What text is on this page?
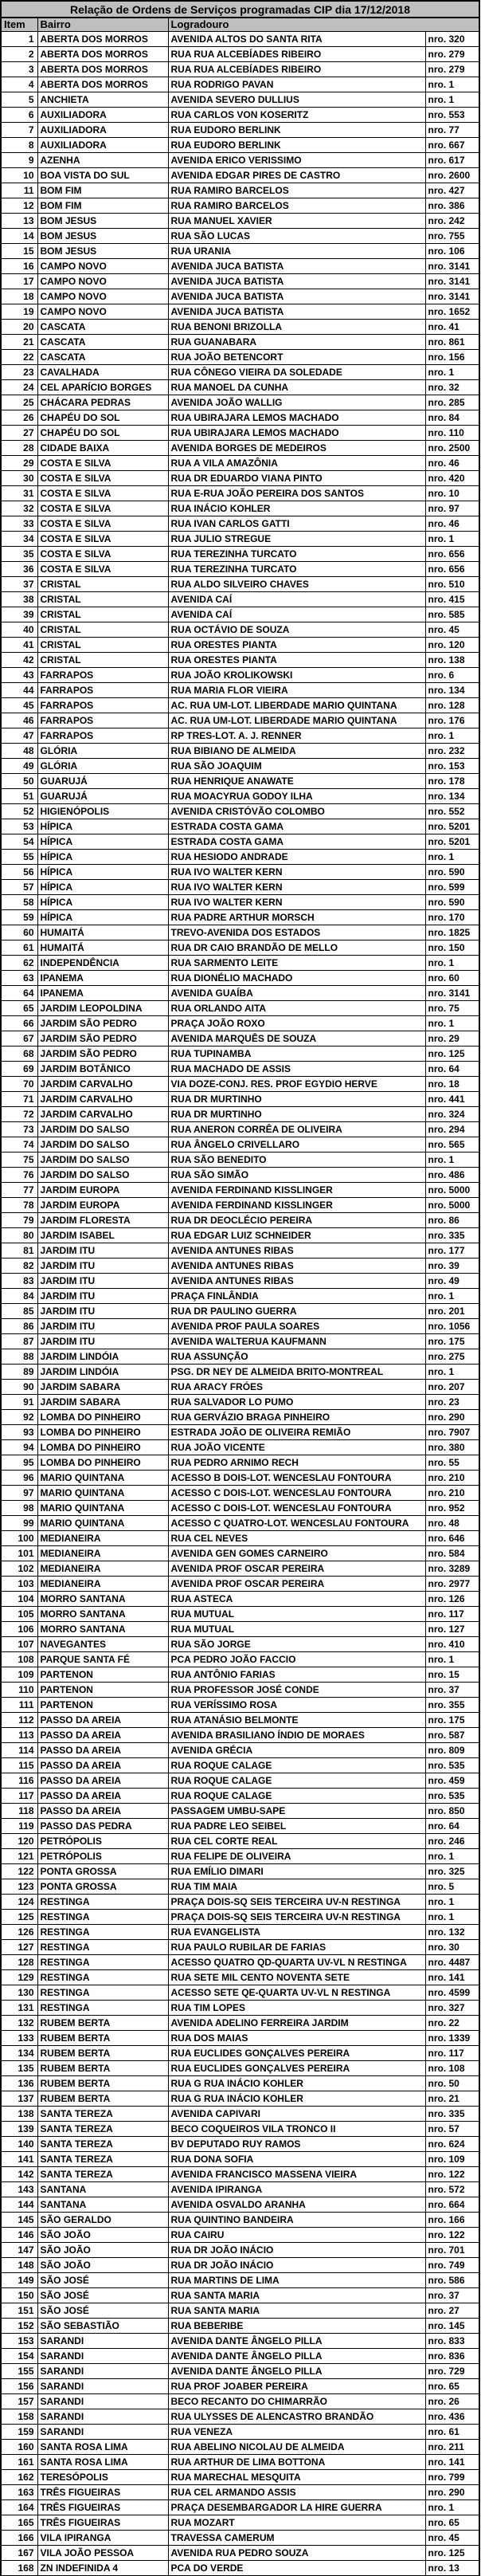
Relação de Ordens de Serviços programadas CIP dia 17/12/2018			
Item	Bairro	Logradouro	
1	ABERTA DOS MORROS	AVENIDA ALTOS DO SANTA RITA	nro. 320
2	ABERTA DOS MORROS	RUA RUA ALCEBÍADES RIBEIRO	nro. 279
3	ABERTA DOS MORROS	RUA RUA ALCEBÍADES RIBEIRO	nro. 279
4	ABERTA DOS MORROS	RUA RODRIGO PAVAN	nro. 1
5	ANCHIETA	AVENIDA SEVERO DULLIUS	nro. 1
6	AUXILIADORA	RUA CARLOS VON KOSERITZ	nro. 553
7	AUXILIADORA	RUA EUDORO BERLINK	nro. 77
8	AUXILIADORA	RUA EUDORO BERLINK	nro. 667
9	AZENHA	AVENIDA ERICO VERISSIMO	nro. 617
10	BOA VISTA DO SUL	AVENIDA EDGAR PIRES DE CASTRO	nro. 2600
11	BOM FIM	RUA RAMIRO BARCELOS	nro. 427
12	BOM FIM	RUA RAMIRO BARCELOS	nro. 386
13	BOM JESUS	RUA MANUEL XAVIER	nro. 242
14	BOM JESUS	RUA SÃO LUCAS	nro. 755
15	BOM JESUS	RUA URANIA	nro. 106
16	CAMPO NOVO	AVENIDA JUCA BATISTA	nro. 3141
17	CAMPO NOVO	AVENIDA JUCA BATISTA	nro. 3141
18	CAMPO NOVO	AVENIDA JUCA BATISTA	nro. 3141
19	CAMPO NOVO	AVENIDA JUCA BATISTA	nro. 1652
20	CASCATA	RUA BENONI BRIZOLLA	nro. 41
21	CASCATA	RUA GUANABARA	nro. 861
22	CASCATA	RUA JOÃO BETENCORT	nro. 156
23	CAVALHADA	RUA CÔNEGO VIEIRA DA SOLEDADE	nro. 1
24	CEL APARÍCIO BORGES	RUA MANOEL DA CUNHA	nro. 32
25	CHÁCARA PEDRAS	AVENIDA JOÃO WALLIG	nro. 285
26	CHAPÉU DO SOL	RUA UBIRAJARA LEMOS MACHADO	nro. 84
27	CHAPÉU DO SOL	RUA UBIRAJARA LEMOS MACHADO	nro. 110
28	CIDADE BAIXA	AVENIDA BORGES DE MEDEIROS	nro. 2500
29	COSTA E SILVA	RUA A VILA AMAZÔNIA	nro. 46
30	COSTA E SILVA	RUA DR EDUARDO VIANA PINTO	nro. 420
31	COSTA E SILVA	RUA E-RUA JOÃO PEREIRA DOS SANTOS	nro. 10
32	COSTA E SILVA	RUA INÁCIO KOHLER	nro. 97
33	COSTA E SILVA	RUA IVAN CARLOS GATTI	nro. 46
34	COSTA E SILVA	RUA JULIO STREGUE	nro. 1
35	COSTA E SILVA	RUA TEREZINHA TURCATO	nro. 656
36	COSTA E SILVA	RUA TEREZINHA TURCATO	nro. 656
37	CRISTAL	RUA ALDO SILVEIRO CHAVES	nro. 510
38	CRISTAL	AVENIDA CAÍ	nro. 415
39	CRISTAL	AVENIDA CAÍ	nro. 585
40	CRISTAL	RUA OCTÁVIO DE SOUZA	nro. 45
41	CRISTAL	RUA ORESTES PIANTA	nro. 120
42	CRISTAL	RUA ORESTES PIANTA	nro. 138
43	FARRAPOS	RUA JOÃO KROLIKOWSKI	nro. 6
44	FARRAPOS	RUA MARIA FLOR VIEIRA	nro. 134
45	FARRAPOS	AC. RUA UM-LOT. LIBERDADE MARIO QUINTANA	nro. 128
46	FARRAPOS	AC. RUA UM-LOT. LIBERDADE MARIO QUINTANA	nro. 176
47	FARRAPOS	RP TRES-LOT. A. J. RENNER	nro. 1
48	GLÓRIA	RUA BIBIANO DE ALMEIDA	nro. 232
49	GLÓRIA	RUA SÃO JOAQUIM	nro. 153
50	GUARUJÁ	RUA HENRIQUE ANAWATE	nro. 178
51	GUARUJÁ	RUA MOACYRUA GODOY ILHA	nro. 134
52	HIGIENÓPOLIS	AVENIDA CRISTÓVÃO COLOMBO	nro. 552
53	HÍPICA	ESTRADA COSTA GAMA	nro. 5201
54	HÍPICA	ESTRADA COSTA GAMA	nro. 5201
55	HÍPICA	RUA HESIODO ANDRADE	nro. 1
56	HÍPICA	RUA IVO WALTER KERN	nro. 590
57	HÍPICA	RUA IVO WALTER KERN	nro. 599
58	HÍPICA	RUA IVO WALTER KERN	nro. 590
59	HÍPICA	RUA PADRE ARTHUR MORSCH	nro. 170
60	HUMAITÁ	TREVO-AVENIDA DOS ESTADOS	nro. 1825
61	HUMAITÁ	RUA DR CAIO BRANDÃO DE MELLO	nro. 150
62	INDEPENDÊNCIA	RUA SARMENTO LEITE	nro. 1
63	IPANEMA	RUA DIONÉLIO MACHADO	nro. 60
64	IPANEMA	AVENIDA GUAÍBA	nro. 3141
65	JARDIM LEOPOLDINA	RUA ORLANDO AITA	nro. 75
66	JARDIM SÃO PEDRO	PRAÇA JOÃO ROXO	nro. 1
67	JARDIM SÃO PEDRO	AVENIDA MARQUÊS DE SOUZA	nro. 29
68	JARDIM SÃO PEDRO	RUA TUPINAMBA	nro. 125
69	JARDIM BOTÂNICO	RUA MACHADO DE ASSIS	nro. 64
70	JARDIM CARVALHO	VIA DOZE-CONJ. RES. PROF EGYDIO HERVE	nro. 18
71	JARDIM CARVALHO	RUA DR MURTINHO	nro. 441
72	JARDIM CARVALHO	RUA DR MURTINHO	nro. 324
73	JARDIM DO SALSO	RUA ANERON CORRÊA DE OLIVEIRA	nro. 294
74	JARDIM DO SALSO	RUA ÂNGELO CRIVELLARO	nro. 565
75	JARDIM DO SALSO	RUA SÃO BENEDITO	nro. 1
76	JARDIM DO SALSO	RUA SÃO SIMÃO	nro. 486
77	JARDIM EUROPA	AVENIDA FERDINAND KISSLINGER	nro. 5000
78	JARDIM EUROPA	AVENIDA FERDINAND KISSLINGER	nro. 5000
79	JARDIM FLORESTA	RUA DR DEOCLÉCIO PEREIRA	nro. 86
80	JARDIM ISABEL	RUA EDGAR LUIZ SCHNEIDER	nro. 335
81	JARDIM ITU	AVENIDA ANTUNES RIBAS	nro. 177
82	JARDIM ITU	AVENIDA ANTUNES RIBAS	nro. 39
83	JARDIM ITU	AVENIDA ANTUNES RIBAS	nro. 49
84	JARDIM ITU	PRAÇA FINLÂNDIA	nro. 1
85	JARDIM ITU	RUA DR PAULINO GUERRA	nro. 201
86	JARDIM ITU	AVENIDA PROF PAULA SOARES	nro. 1056
87	JARDIM ITU	AVENIDA WALTERUA KAUFMANN	nro. 175
88	JARDIM LINDÓIA	RUA ASSUNÇÃO	nro. 275
89	JARDIM LINDÓIA	PSG. DR NEY DE ALMEIDA BRITO-MONTREAL	nro. 1
90	JARDIM SABARA	RUA ARACY FRÓES	nro. 207
91	JARDIM SABARA	RUA SALVADOR LO PUMO	nro. 23
92	LOMBA DO PINHEIRO	RUA GERVÁZIO BRAGA PINHEIRO	nro. 290
93	LOMBA DO PINHEIRO	ESTRADA JOÃO DE OLIVEIRA REMIÃO	nro. 7907
94	LOMBA DO PINHEIRO	RUA JOÃO VICENTE	nro. 380
95	LOMBA DO PINHEIRO	RUA PEDRO ARNIMO RECH	nro. 55
96	MARIO QUINTANA	ACESSO B DOIS-LOT. WENCESLAU FONTOURA	nro. 210
97	MARIO QUINTANA	ACESSO C DOIS-LOT. WENCESLAU FONTOURA	nro. 210
98	MARIO QUINTANA	ACESSO C DOIS-LOT. WENCESLAU FONTOURA	nro. 952
99	MARIO QUINTANA	ACESSO C QUATRO-LOT. WENCESLAU FONTOURA	nro. 48
100	MEDIANEIRA	RUA CEL NEVES	nro. 646
101	MEDIANEIRA	AVENIDA GEN GOMES CARNEIRO	nro. 584
102	MEDIANEIRA	AVENIDA PROF OSCAR PEREIRA	nro. 3289
103	MEDIANEIRA	AVENIDA PROF OSCAR PEREIRA	nro. 2977
104	MORRO SANTANA	RUA ASTECA	nro. 126
105	MORRO SANTANA	RUA MUTUAL	nro. 117
106	MORRO SANTANA	RUA MUTUAL	nro. 127
107	NAVEGANTES	RUA SÃO JORGE	nro. 410
108	PARQUE SANTA FÉ	PCA PEDRO JOÃO FACCIO	nro. 1
109	PARTENON	RUA ANTÔNIO FARIAS	nro. 15
110	PARTENON	RUA PROFESSOR JOSÉ CONDE	nro. 37
111	PARTENON	RUA VERÍSSIMO ROSA	nro. 355
112	PASSO DA AREIA	RUA ATANÁSIO BELMONTE	nro. 175
113	PASSO DA AREIA	AVENIDA BRASILIANO ÍNDIO DE MORAES	nro. 587
114	PASSO DA AREIA	AVENIDA GRÉCIA	nro. 809
115	PASSO DA AREIA	RUA ROQUE CALAGE	nro. 535
116	PASSO DA AREIA	RUA ROQUE CALAGE	nro. 459
117	PASSO DA AREIA	RUA ROQUE CALAGE	nro. 535
118	PASSO DA AREIA	PASSAGEM UMBU-SAPE	nro. 850
119	PASSO DAS PEDRA	RUA PADRE LEO SEIBEL	nro. 64
120	PETRÓPOLIS	RUA CEL CORTE REAL	nro. 246
121	PETRÓPOLIS	RUA FELIPE DE OLIVEIRA	nro. 1
122	PONTA GROSSA	RUA EMÍLIO DIMARI	nro. 325
123	PONTA GROSSA	RUA TIM MAIA	nro. 5
124	RESTINGA	PRAÇA DOIS-SQ SEIS TERCEIRA UV-N RESTINGA	nro. 1
125	RESTINGA	PRAÇA DOIS-SQ SEIS TERCEIRA UV-N RESTINGA	nro. 1
126	RESTINGA	RUA EVANGELISTA	nro. 132
127	RESTINGA	RUA PAULO RUBILAR DE FARIAS	nro. 30
128	RESTINGA	ACESSO QUATRO QD-QUARTA UV-VL N RESTINGA	nro. 4487
129	RESTINGA	RUA SETE MIL CENTO NOVENTA SETE	nro. 141
130	RESTINGA	ACESSO SETE QE-QUARTA UV-VL N RESTINGA	nro. 4599
131	RESTINGA	RUA TIM LOPES	nro. 327
132	RUBEM BERTA	AVENIDA ADELINO FERREIRA JARDIM	nro. 22
133	RUBEM BERTA	RUA DOS MAIAS	nro. 1339
134	RUBEM BERTA	RUA EUCLIDES GONÇALVES PEREIRA	nro. 117
135	RUBEM BERTA	RUA EUCLIDES GONÇALVES PEREIRA	nro. 108
136	RUBEM BERTA	RUA G RUA INÁCIO KOHLER	nro. 50
137	RUBEM BERTA	RUA G RUA INÁCIO KOHLER	nro. 21
138	SANTA TEREZA	AVENIDA CAPIVARI	nro. 335
139	SANTA TEREZA	BECO COQUEIROS VILA TRONCO II	nro. 57
140	SANTA TEREZA	BV DEPUTADO RUY RAMOS	nro. 624
141	SANTA TEREZA	RUA DONA SOFIA	nro. 109
142	SANTA TEREZA	AVENIDA FRANCISCO MASSENA VIEIRA	nro. 122
143	SANTANA	AVENIDA IPIRANGA	nro. 572
144	SANTANA	AVENIDA OSVALDO ARANHA	nro. 664
145	SÃO GERALDO	RUA QUINTINO BANDEIRA	nro. 166
146	SÃO JOÃO	RUA CAIRU	nro. 122
147	SÃO JOÃO	RUA DR JOÃO INÁCIO	nro. 701
148	SÃO JOÃO	RUA DR JOÃO INÁCIO	nro. 749
149	SÃO JOSÉ	RUA MARTINS DE LIMA	nro. 586
150	SÃO JOSÉ	RUA SANTA MARIA	nro. 37
151	SÃO JOSÉ	RUA SANTA MARIA	nro. 27
152	SÃO SEBASTIÃO	RUA BEBERIBE	nro. 145
153	SARANDI	AVENIDA DANTE ÂNGELO PILLA	nro. 833
154	SARANDI	AVENIDA DANTE ÂNGELO PILLA	nro. 836
155	SARANDI	AVENIDA DANTE ÂNGELO PILLA	nro. 729
156	SARANDI	RUA PROF JOABER PEREIRA	nro. 65
157	SARANDI	BECO RECANTO DO CHIMARRÃO	nro. 26
158	SARANDI	RUA ULYSSES DE ALENCASTRO BRANDÃO	nro. 436
159	SARANDI	RUA VENEZA	nro. 61
160	SANTA ROSA LIMA	RUA ABELINO NICOLAU DE ALMEIDA	nro. 211
161	SANTA ROSA LIMA	RUA ARTHUR DE LIMA BOTTONA	nro. 141
162	TERESÓPOLIS	RUA MARECHAL MESQUITA	nro. 799
163	TRÊS FIGUEIRAS	RUA CEL ARMANDO ASSIS	nro. 290
164	TRÊS FIGUEIRAS	PRAÇA DESEMBARGADOR LA HIRE GUERRA	nro. 1
165	TRÊS FIGUEIRAS	RUA MOZART	nro. 65
166	VILA IPIRANGA	TRAVESSA CAMERUM	nro. 45
167	VILA JOÃO PESSOA	AVENIDA RUA PEDRO SOUZA	nro. 125
168	ZN INDEFINIDA 4	PCA DO VERDE	nro. 13
